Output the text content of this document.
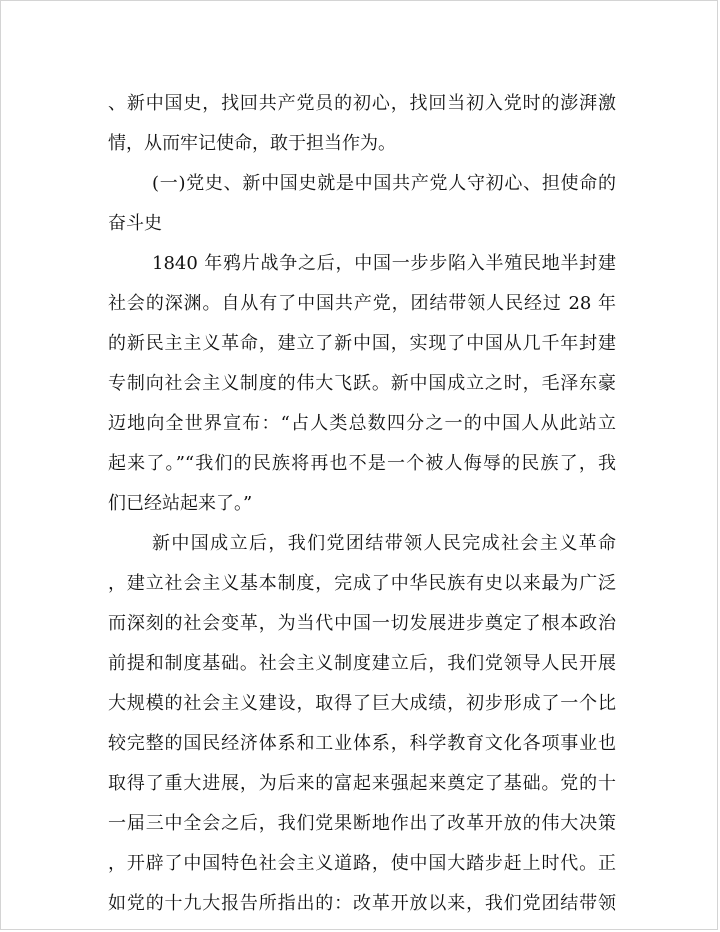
、新中国史，找回共产党员的初心，找回当初入党时的澎湃激
情，从而牢记使命，敢于担当作为。
(一)党史、新中国史就是中国共产党人守初心、担使命的
奋斗史
1840 年鸦片战争之后，中国一步步陷入半殖民地半封建
社会的深渊。自从有了中国共产党，团结带领人民经过 28 年
的新民主主义革命，建立了新中国，实现了中国从几千年封建
专制向社会主义制度的伟大飞跃。新中国成立之时，毛泽东豪
迈地向全世界宣布：“占人类总数四分之一的中国人从此站立
起来了。”“我们的民族将再也不是一个被人侮辱的民族了，我
们已经站起来了。”
新中国成立后，我们党团结带领人民完成社会主义革命
，建立社会主义基本制度，完成了中华民族有史以来最为广泛
而深刻的社会变革，为当代中国一切发展进步奠定了根本政治
前提和制度基础。社会主义制度建立后，我们党领导人民开展
大规模的社会主义建设，取得了巨大成绩，初步形成了一个比
较完整的国民经济体系和工业体系，科学教育文化各项事业也
取得了重大进展，为后来的富起来强起来奠定了基础。党的十
一届三中全会之后，我们党果断地作出了改革开放的伟大决策
，开辟了中国特色社会主义道路，使中国大踏步赶上时代。正
如党的十九大报告所指出的：改革开放以来，我们党团结带领
